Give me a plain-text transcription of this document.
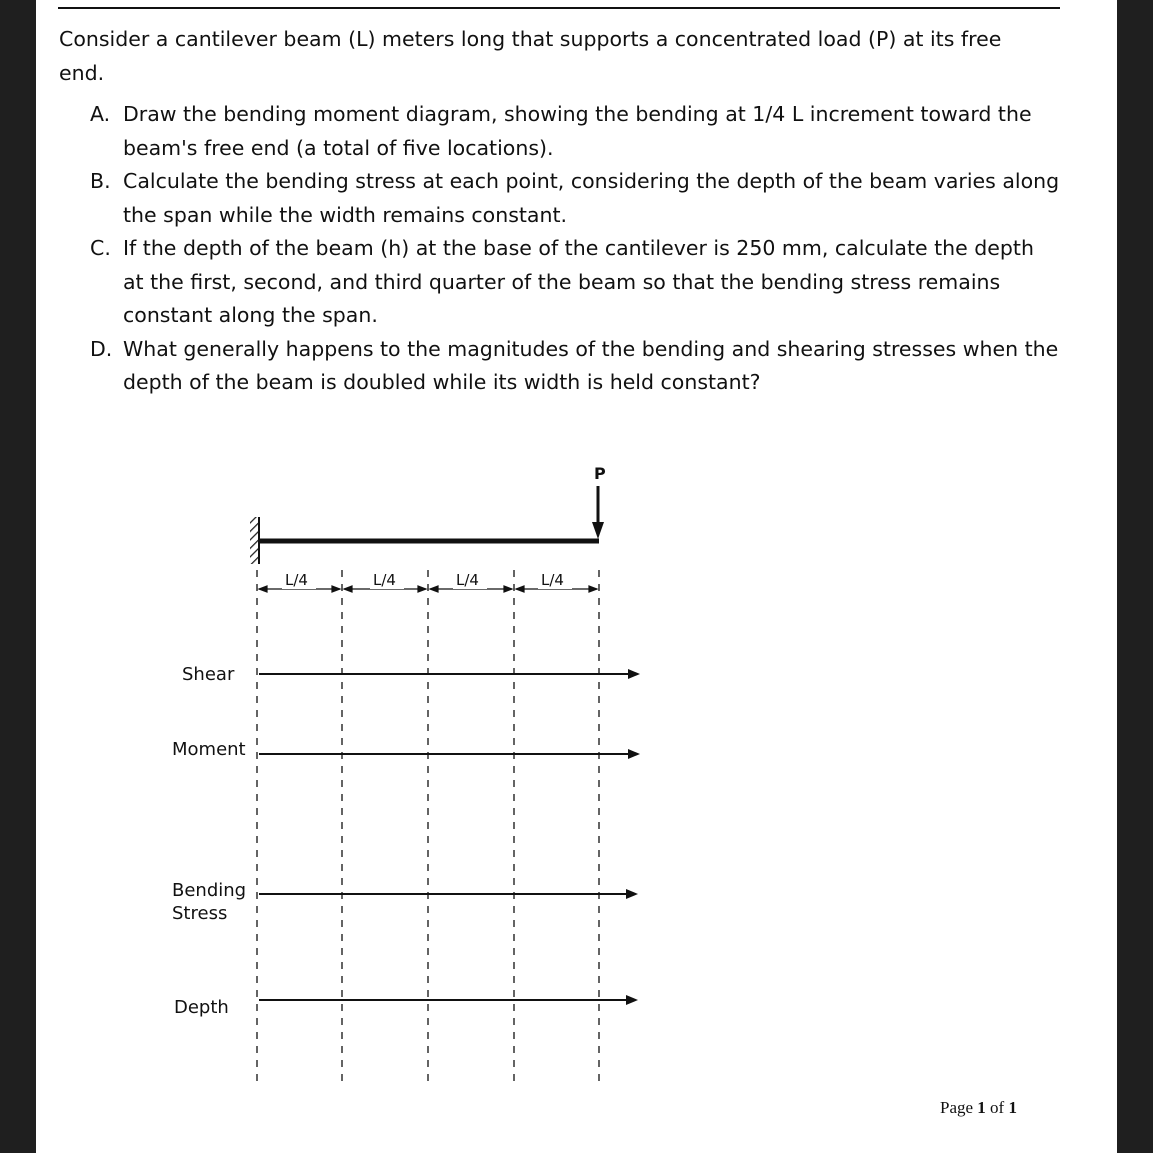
Consider a cantilever beam (L) meters long that supports a concentrated load (P) at its free end.

A. Draw the bending moment diagram, showing the bending at 1/4 L increment toward the beam's free end (a total of five locations).
B. Calculate the bending stress at each point, considering the depth of the beam varies along the span while the width remains constant.
C. If the depth of the beam (h) at the base of the cantilever is 250 mm, calculate the depth at the first, second, and third quarter of the beam so that the bending stress remains constant along the span.
D. What generally happens to the magnitudes of the bending and shearing stresses when the depth of the beam is doubled while its width is held constant?
P
L/4	L/4	L/4	L/4
Shear
Moment
Bending
Stress
Depth
Page 1 of 1
